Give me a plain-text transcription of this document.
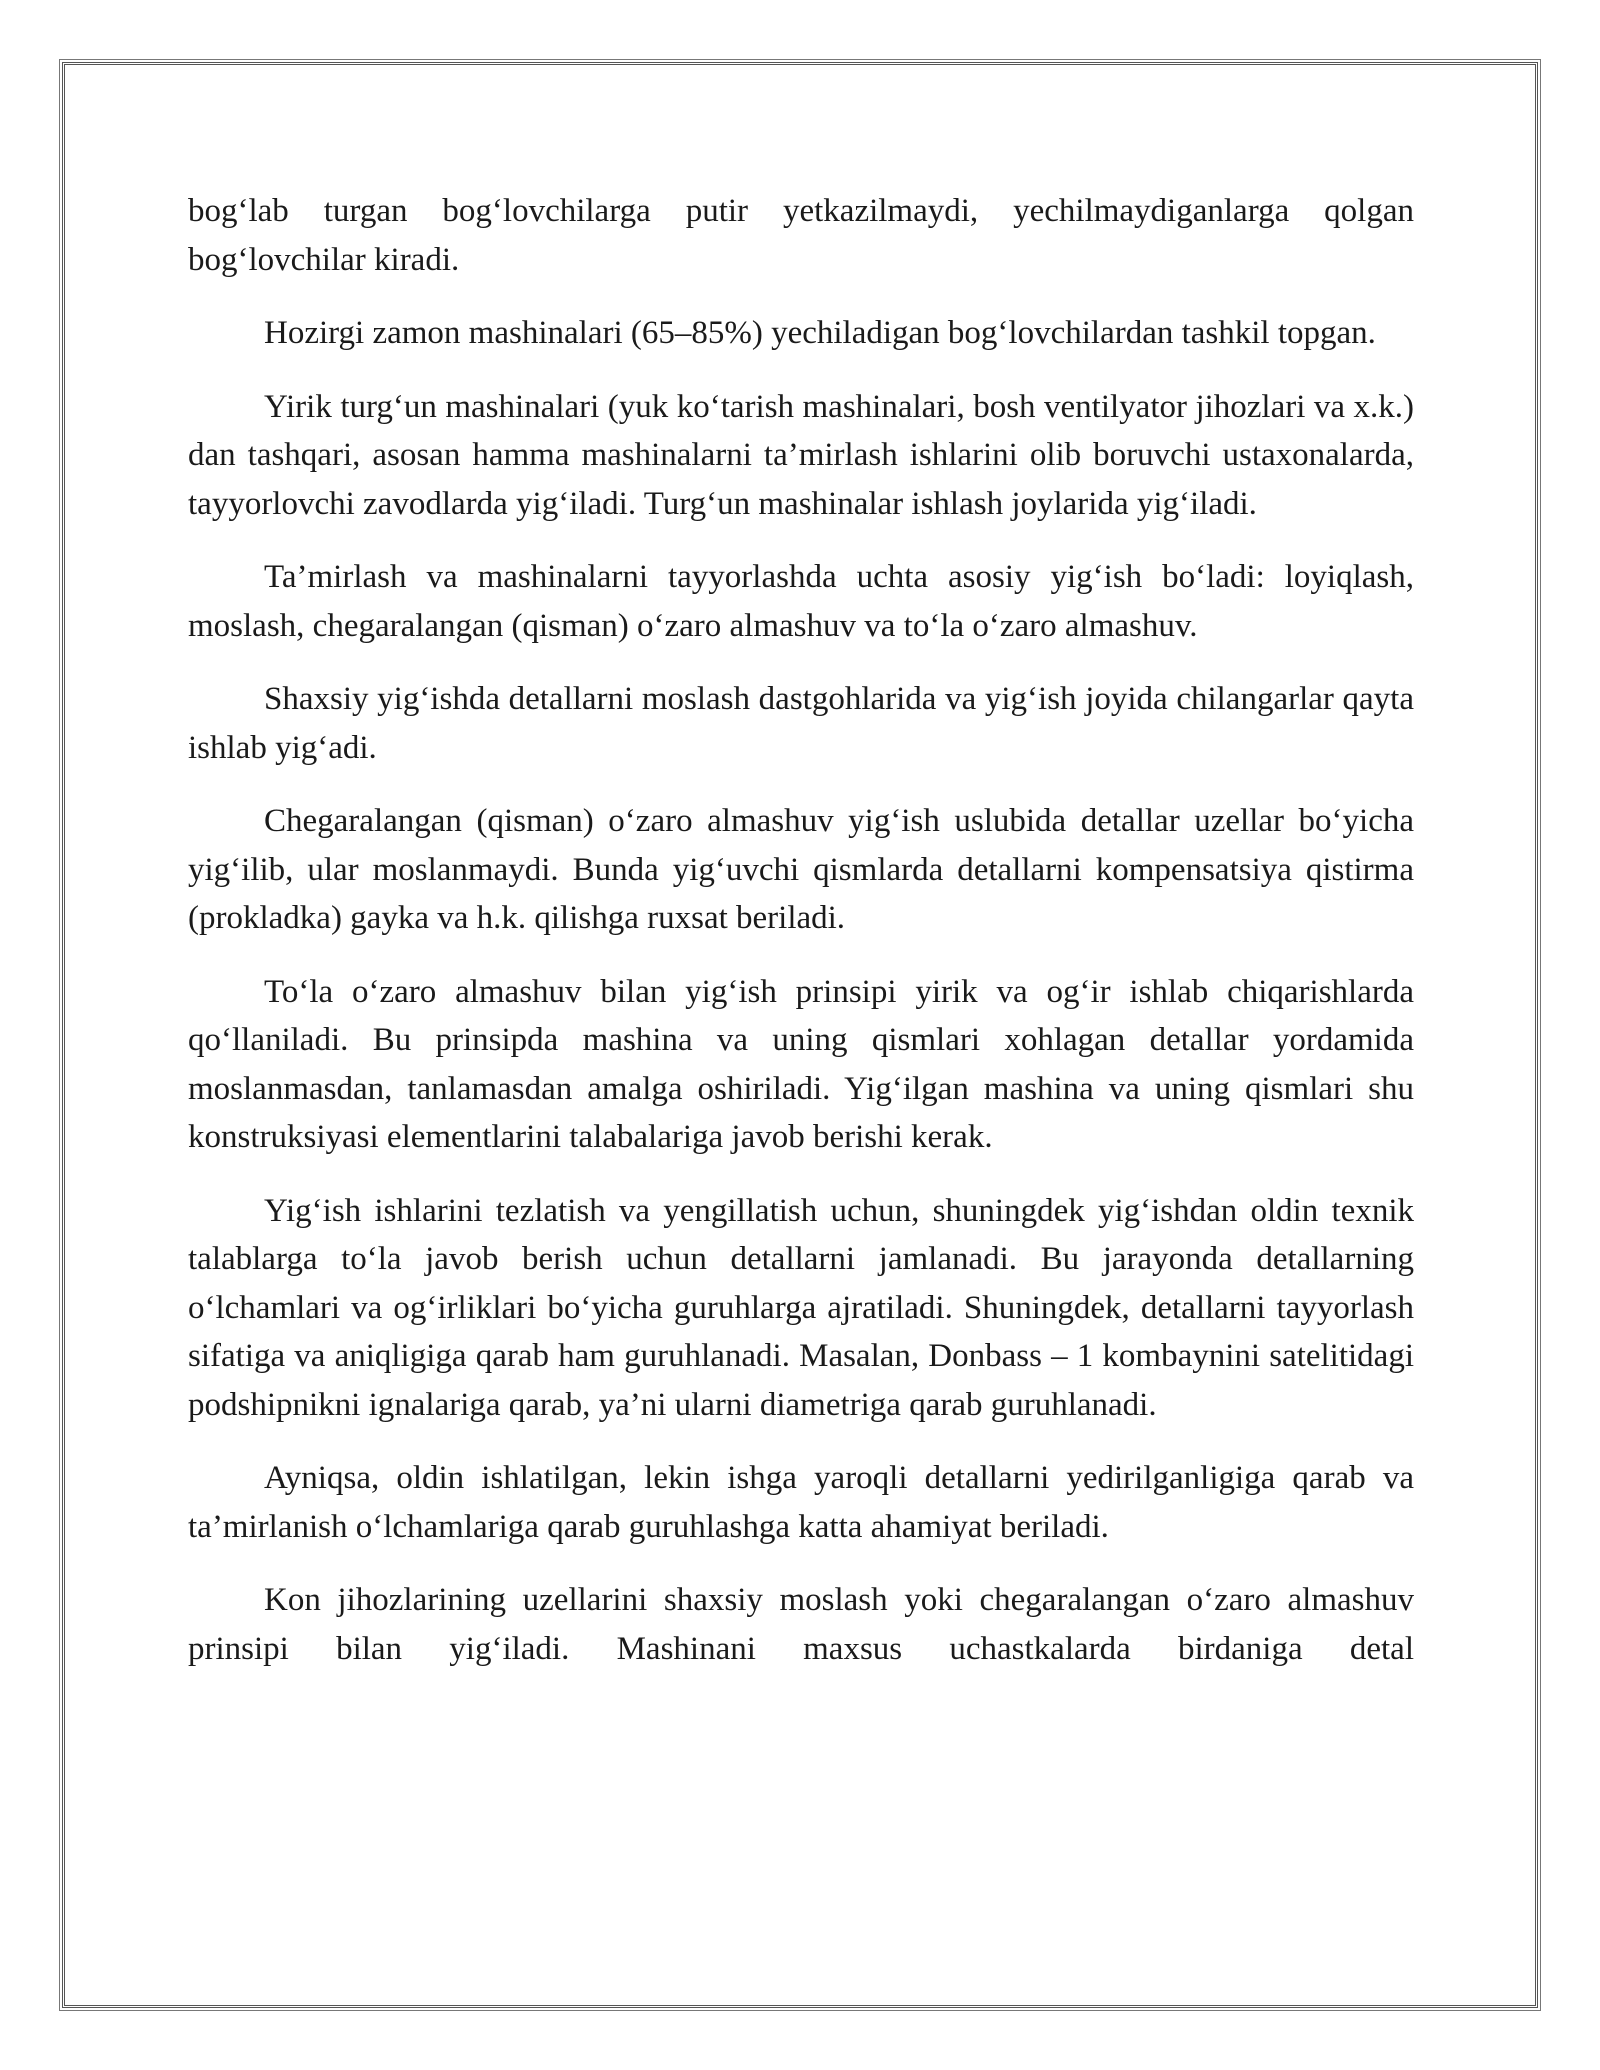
bog‘lab turgan bog‘lovchilarga putir yetkazilmaydi, yechilmaydiganlarga qolgan bog‘lovchilar kiradi.

Hozirgi zamon mashinalari (65–85%) yechiladigan bog‘lovchilardan tashkil topgan.

Yirik turg‘un mashinalari (yuk ko‘tarish mashinalari, bosh ventilyator jihozlari va x.k.) dan tashqari, asosan hamma mashinalarni ta’mirlash ishlarini olib boruvchi ustaxonalarda, tayyorlovchi zavodlarda yig‘iladi. Turg‘un mashinalar ishlash joylarida yig‘iladi.

Ta’mirlash va mashinalarni tayyorlashda uchta asosiy yig‘ish bo‘ladi: loyiqlash, moslash, chegaralangan (qisman) o‘zaro almashuv va to‘la o‘zaro almashuv.

Shaxsiy yig‘ishda detallarni moslash dastgohlarida va yig‘ish joyida chilangarlar qayta ishlab yig‘adi.

Chegaralangan (qisman) o‘zaro almashuv yig‘ish uslubida detallar uzellar bo‘yicha yig‘ilib, ular moslanmaydi. Bunda yig‘uvchi qismlarda detallarni kompensatsiya qistirma (prokladka) gayka va h.k. qilishga ruxsat beriladi.

To‘la o‘zaro almashuv bilan yig‘ish prinsipi yirik va og‘ir ishlab chiqarishlarda qo‘llaniladi. Bu prinsipda mashina va uning qismlari xohlagan detallar yordamida moslanmasdan, tanlamasdan amalga oshiriladi. Yig‘ilgan mashina va uning qismlari shu konstruksiyasi elementlarini talabalariga javob berishi kerak.

Yig‘ish ishlarini tezlatish va yengillatish uchun, shuningdek yig‘ishdan oldin texnik talablarga to‘la javob berish uchun detallarni jamlanadi. Bu jarayonda detallarning o‘lchamlari va og‘irliklari bo‘yicha guruhlarga ajratiladi. Shuningdek, detallarni tayyorlash sifatiga va aniqligiga qarab ham guruhlanadi. Masalan, Donbass – 1 kombaynini satelitidagi podshipnikni ignalariga qarab, ya’ni ularni diametriga qarab guruhlanadi.

Ayniqsa, oldin ishlatilgan, lekin ishga yaroqli detallarni yedirilganligiga qarab va ta’mirlanish o‘lchamlariga qarab guruhlashga katta ahamiyat beriladi.

Kon jihozlarining uzellarini shaxsiy moslash yoki chegaralangan o‘zaro almashuv prinsipi bilan yig‘iladi. Mashinani maxsus uchastkalarda birdaniga detal
